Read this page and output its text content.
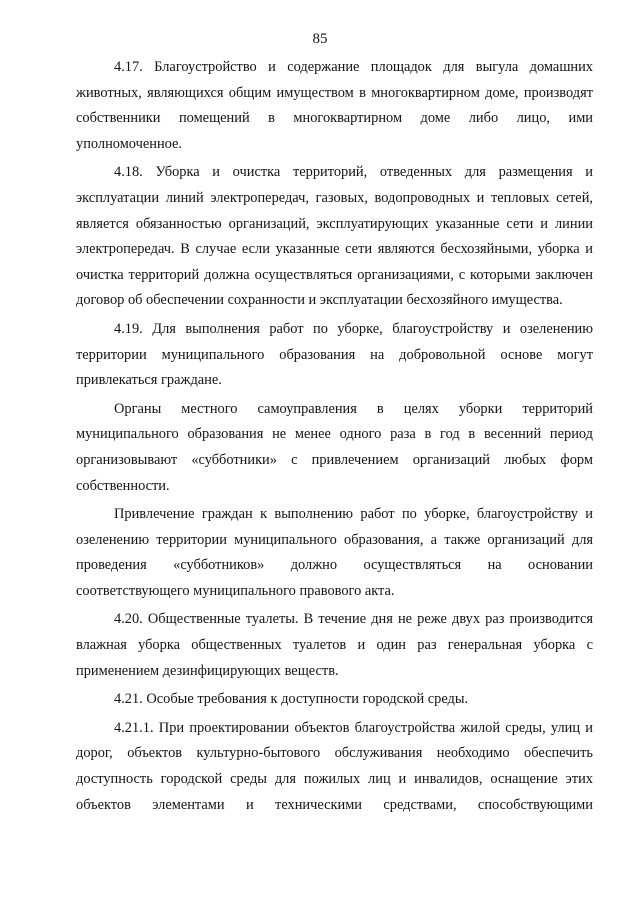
85

4.17. Благоустройство и содержание площадок для выгула домашних животных, являющихся общим имуществом в многоквартирном доме, производят собственники помещений в многоквартирном доме либо лицо, ими уполномоченное.

4.18. Уборка и очистка территорий, отведенных для размещения и эксплуатации линий электропередач, газовых, водопроводных и тепловых сетей, является обязанностью организаций, эксплуатирующих указанные сети и линии электропередач. В случае если указанные сети являются бесхозяйными, уборка и очистка территорий должна осуществляться организациями, с которыми заключен договор об обеспечении сохранности и эксплуатации бесхозяйного имущества.

4.19. Для выполнения работ по уборке, благоустройству и озеленению территории муниципального образования на добровольной основе могут привлекаться граждане.

Органы местного самоуправления в целях уборки территорий муниципального образования не менее одного раза в год в весенний период организовывают «субботники» с привлечением организаций любых форм собственности.

Привлечение граждан к выполнению работ по уборке, благоустройству и озеленению территории муниципального образования, а также организаций для проведения «субботников» должно осуществляться на основании соответствующего муниципального правового акта.

4.20. Общественные туалеты. В течение дня не реже двух раз производится влажная уборка общественных туалетов и один раз генеральная уборка с применением дезинфицирующих веществ.

4.21. Особые требования к доступности городской среды.

4.21.1. При проектировании объектов благоустройства жилой среды, улиц и дорог, объектов культурно-бытового обслуживания необходимо обеспечить доступность городской среды для пожилых лиц и инвалидов, оснащение этих объектов элементами и техническими средствами, способствующими
